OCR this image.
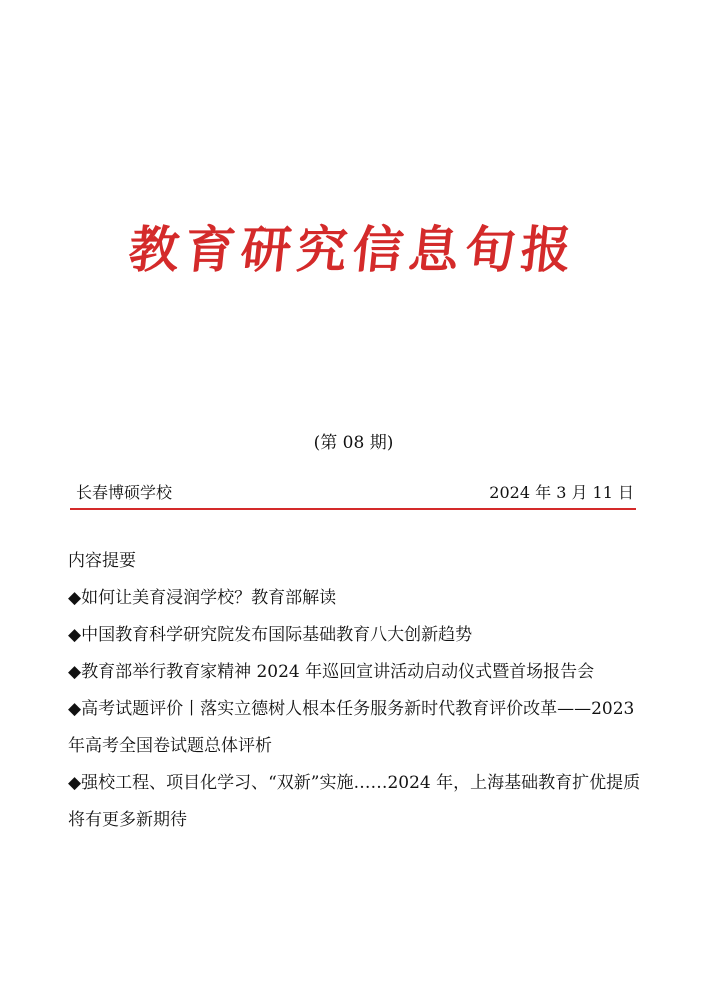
教育研究信息旬报
(第 08 期)
长春博硕学校	2024 年 3 月 11 日
内容提要
◆如何让美育浸润学校？教育部解读
◆中国教育科学研究院发布国际基础教育八大创新趋势
◆教育部举行教育家精神 2024 年巡回宣讲活动启动仪式暨首场报告会
◆高考试题评价丨落实立德树人根本任务服务新时代教育评价改革——2023 年高考全国卷试题总体评析
◆强校工程、项目化学习、“双新”实施……2024 年，上海基础教育扩优提质将有更多新期待
